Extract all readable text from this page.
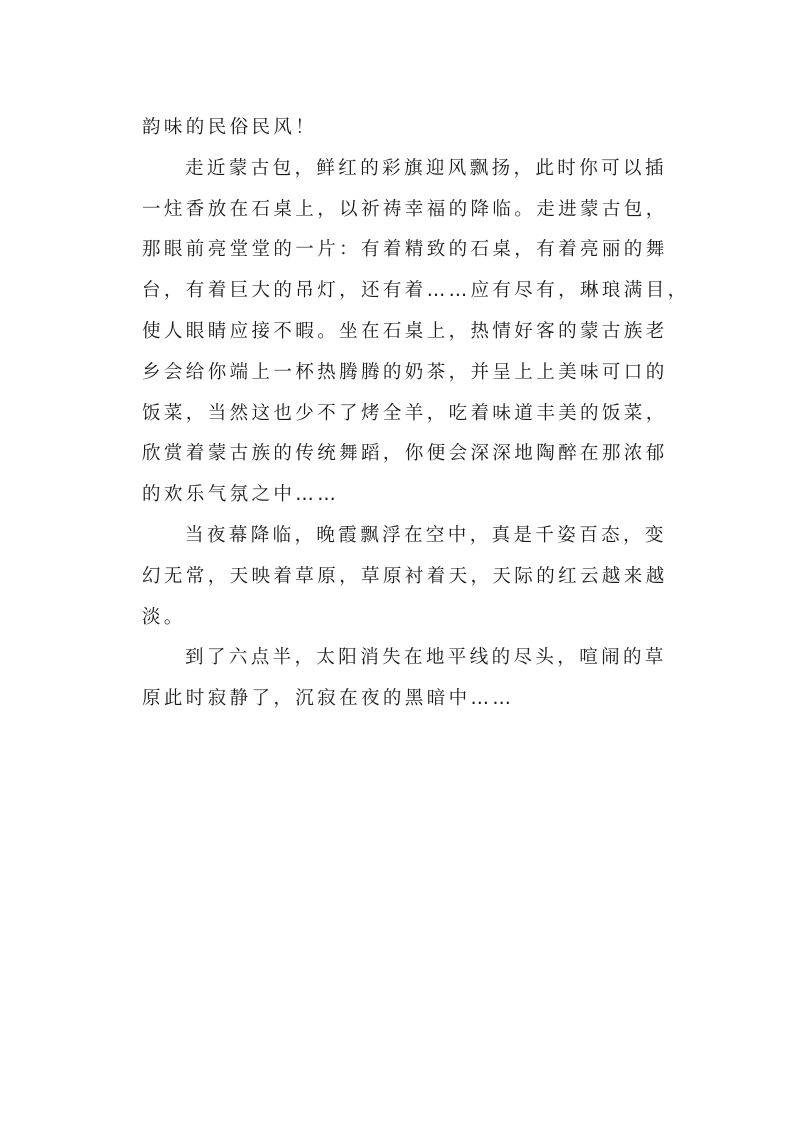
韵味的民俗民风！
走近蒙古包，鲜红的彩旗迎风飘扬，此时你可以插
一炷香放在石桌上，以祈祷幸福的降临。走进蒙古包，
那眼前亮堂堂的一片：有着精致的石桌，有着亮丽的舞
台，有着巨大的吊灯，还有着……应有尽有，琳琅满目，
使人眼睛应接不暇。坐在石桌上，热情好客的蒙古族老
乡会给你端上一杯热腾腾的奶茶，并呈上上美味可口的
饭菜，当然这也少不了烤全羊，吃着味道丰美的饭菜，
欣赏着蒙古族的传统舞蹈，你便会深深地陶醉在那浓郁
的欢乐气氛之中……
当夜幕降临，晚霞飘浮在空中，真是千姿百态，变
幻无常，天映着草原，草原衬着天，天际的红云越来越
淡。
到了六点半，太阳消失在地平线的尽头，喧闹的草
原此时寂静了，沉寂在夜的黑暗中……
